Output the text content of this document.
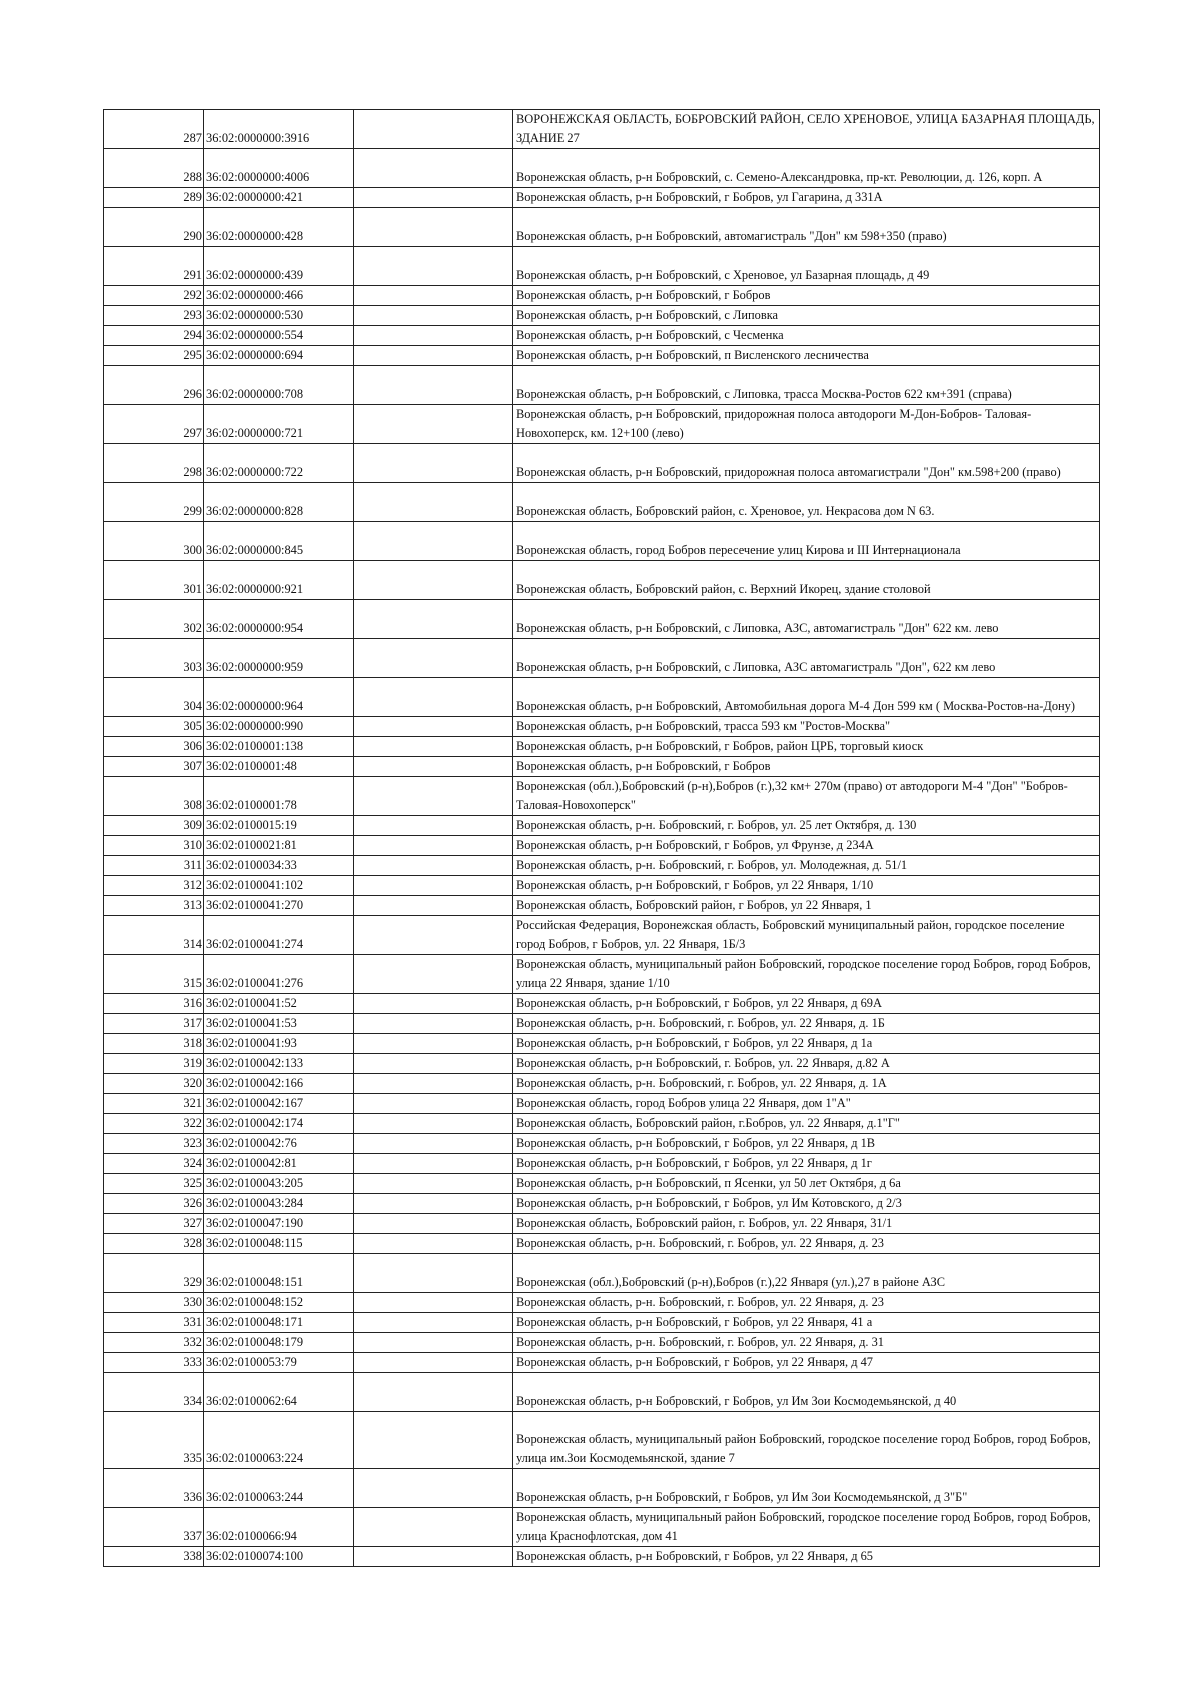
287	36:02:0000000:3916		ВОРОНЕЖСКАЯ ОБЛАСТЬ, БОБРОВСКИЙ РАЙОН, СЕЛО ХРЕНОВОЕ, УЛИЦА БАЗАРНАЯ ПЛОЩАДЬ, ЗДАНИЕ 27
288	36:02:0000000:4006		Воронежская область, р-н Бобровский, с. Семено-Александровка, пр-кт. Революции, д. 126, корп. А
289	36:02:0000000:421		Воронежская область, р-н Бобровский, г Бобров, ул Гагарина, д 331А
290	36:02:0000000:428		Воронежская область, р-н Бобровский, автомагистраль "Дон" км 598+350 (право)
291	36:02:0000000:439		Воронежская область, р-н Бобровский, с Хреновое, ул Базарная площадь, д 49
292	36:02:0000000:466		Воронежская область, р-н Бобровский, г Бобров
293	36:02:0000000:530		Воронежская область, р-н Бобровский, с Липовка
294	36:02:0000000:554		Воронежская область, р-н Бобровский, с Чесменка
295	36:02:0000000:694		Воронежская область, р-н Бобровский, п Висленского лесничества
296	36:02:0000000:708		Воронежская область, р-н Бобровский, с Липовка, трасса Москва-Ростов 622 км+391 (справа)
297	36:02:0000000:721		Воронежская область, р-н Бобровский, придорожная полоса автодороги М-Дон-Бобров- Таловая-Новохоперск, км. 12+100 (лево)
298	36:02:0000000:722		Воронежская область, р-н Бобровский, придорожная полоса автомагистрали "Дон" км.598+200 (право)
299	36:02:0000000:828		Воронежская область, Бобровский район, с. Хреновое, ул. Некрасова дом N 63.
300	36:02:0000000:845		Воронежская область, город Бобров пересечение улиц Кирова и III Интернационала
301	36:02:0000000:921		Воронежская область, Бобровский район, с. Верхний Икорец, здание столовой
302	36:02:0000000:954		Воронежская область, р-н Бобровский, с Липовка, АЗС, автомагистраль "Дон" 622 км. лево
303	36:02:0000000:959		Воронежская область, р-н Бобровский, с Липовка, АЗС автомагистраль "Дон", 622 км лево
304	36:02:0000000:964		Воронежская область, р-н Бобровский, Автомобильная дорога М-4 Дон 599 км ( Москва-Ростов-на-Дону)
305	36:02:0000000:990		Воронежская область, р-н Бобровский, трасса 593 км "Ростов-Москва"
306	36:02:0100001:138		Воронежская область, р-н Бобровский, г Бобров, район ЦРБ, торговый киоск
307	36:02:0100001:48		Воронежская область, р-н Бобровский, г Бобров
308	36:02:0100001:78		Воронежская (обл.),Бобровский (р-н),Бобров (г.),32 км+ 270м (право) от автодороги М-4 "Дон" "Бобров-Таловая-Новохоперск"
309	36:02:0100015:19		Воронежская область, р-н. Бобровский, г. Бобров, ул. 25 лет Октября, д. 130
310	36:02:0100021:81		Воронежская область, р-н Бобровский, г Бобров, ул Фрунзе, д 234А
311	36:02:0100034:33		Воронежская область, р-н. Бобровский, г. Бобров, ул. Молодежная, д. 51/1
312	36:02:0100041:102		Воронежская область, р-н Бобровский, г Бобров, ул 22 Января, 1/10
313	36:02:0100041:270		Воронежская область, Бобровский район, г Бобров, ул 22 Января, 1
314	36:02:0100041:274		Российская Федерация, Воронежская область, Бобровский муниципальный район, городское поселение город Бобров, г Бобров, ул. 22 Января, 1Б/3
315	36:02:0100041:276		Воронежская область, муниципальный район Бобровский, городское поселение город Бобров, город Бобров, улица 22 Января, здание 1/10
316	36:02:0100041:52		Воронежская область, р-н Бобровский, г Бобров, ул 22 Января, д 69А
317	36:02:0100041:53		Воронежская область, р-н. Бобровский, г. Бобров, ул. 22 Января, д. 1Б
318	36:02:0100041:93		Воронежская область, р-н Бобровский, г Бобров, ул 22 Января, д 1а
319	36:02:0100042:133		Воронежская область, р-н Бобровский, г. Бобров, ул. 22 Января, д.82 А
320	36:02:0100042:166		Воронежская область, р-н. Бобровский, г. Бобров, ул. 22 Января, д. 1А
321	36:02:0100042:167		Воронежская область, город Бобров улица 22 Января, дом 1"А"
322	36:02:0100042:174		Воронежская область, Бобровский район, г.Бобров, ул. 22 Января, д.1"Г"
323	36:02:0100042:76		Воронежская область, р-н Бобровский, г Бобров, ул 22 Января, д 1В
324	36:02:0100042:81		Воронежская область, р-н Бобровский, г Бобров, ул 22 Января, д 1г
325	36:02:0100043:205		Воронежская область, р-н Бобровский, п Ясенки, ул 50 лет Октября, д 6а
326	36:02:0100043:284		Воронежская область, р-н Бобровский, г Бобров, ул Им Котовского, д 2/3
327	36:02:0100047:190		Воронежская область, Бобровский район, г. Бобров, ул. 22 Января, 31/1
328	36:02:0100048:115		Воронежская область, р-н. Бобровский, г. Бобров, ул. 22 Января, д. 23
329	36:02:0100048:151		Воронежская (обл.),Бобровский (р-н),Бобров (г.),22 Января (ул.),27 в районе АЗС
330	36:02:0100048:152		Воронежская область, р-н. Бобровский, г. Бобров, ул. 22 Января, д. 23
331	36:02:0100048:171		Воронежская область, р-н Бобровский, г Бобров, ул 22 Января, 41 а
332	36:02:0100048:179		Воронежская область, р-н. Бобровский, г. Бобров, ул. 22 Января, д. 31
333	36:02:0100053:79		Воронежская область, р-н Бобровский, г Бобров, ул 22 Января, д 47
334	36:02:0100062:64		Воронежская область, р-н Бобровский, г Бобров, ул Им Зои Космодемьянской, д 40
335	36:02:0100063:224		Воронежская область, муниципальный район Бобровский, городское поселение город Бобров, город Бобров, улица им.Зои Космодемьянской, здание 7
336	36:02:0100063:244		Воронежская область, р-н Бобровский, г Бобров, ул Им Зои Космодемьянской, д 3"Б"
337	36:02:0100066:94		Воронежская область, муниципальный район Бобровский, городское поселение город Бобров, город Бобров, улица Краснофлотская, дом 41
338	36:02:0100074:100		Воронежская область, р-н Бобровский, г Бобров, ул 22 Января, д 65
